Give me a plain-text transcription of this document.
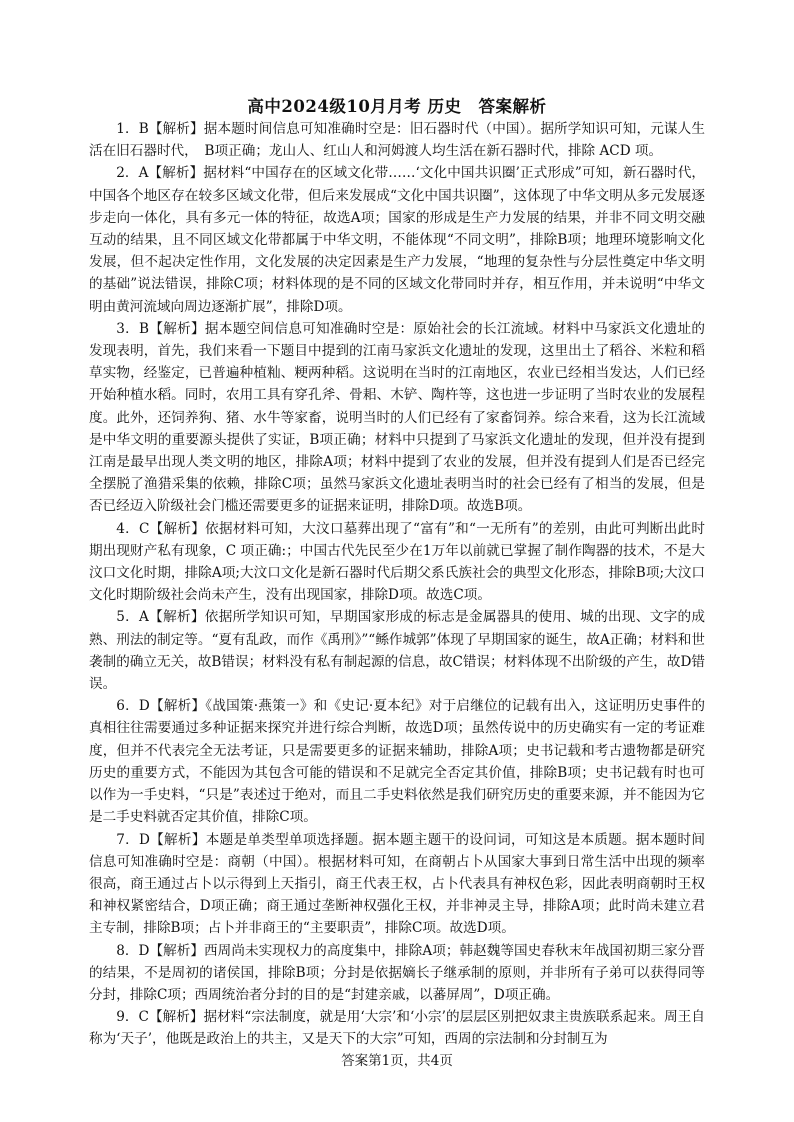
高中2024级10月月考 历史　答案解析

1．B【解析】据本题时间信息可知准确时空是：旧石器时代（中国）。据所学知识可知，元谋人生活在旧石器时代，　B项正确；龙山人、红山人和河姆渡人均生活在新石器时代，排除 ACD 项。

2．A【解析】据材料“中国存在的区域文化带……‘文化中国共识圈’正式形成”可知，新石器时代，中国各个地区存在较多区域文化带，但后来发展成“文化中国共识圈”，这体现了中华文明从多元发展逐步走向一体化，具有多元一体的特征，故选A项；国家的形成是生产力发展的结果，并非不同文明交融互动的结果，且不同区域文化带都属于中华文明，不能体现“不同文明”，排除B项；地理环境影响文化发展，但不起决定性作用，文化发展的决定因素是生产力发展，“地理的复杂性与分层性奠定中华文明的基础”说法错误，排除C项；材料体现的是不同的区域文化带同时并存，相互作用，并未说明“中华文明由黄河流域向周边逐渐扩展”，排除D项。

3．B【解析】据本题空间信息可知准确时空是：原始社会的长江流域。材料中马家浜文化遗址的发现表明，首先，我们来看一下题目中提到的江南马家浜文化遗址的发现，这里出土了稻谷、米粒和稻草实物，经鉴定，已普遍种植籼、粳两种稻。这说明在当时的江南地区，农业已经相当发达，人们已经开始种植水稻。同时，农用工具有穿孔斧、骨耜、木铲、陶杵等，这也进一步证明了当时农业的发展程度。此外，还饲养狗、猪、水牛等家畜，说明当时的人们已经有了家畜饲养。综合来看，这为长江流域是中华文明的重要源头提供了实证，B项正确；材料中只提到了马家浜文化遗址的发现，但并没有提到江南是最早出现人类文明的地区，排除A项；材料中提到了农业的发展，但并没有提到人们是否已经完全摆脱了渔猎采集的依赖，排除C项；虽然马家浜文化遗址表明当时的社会已经有了相当的发展，但是否已经迈入阶级社会门槛还需要更多的证据来证明，排除D项。故选B项。

4．C【解析】依据材料可知，大汶口墓葬出现了“富有”和“一无所有”的差别，由此可判断出此时期出现财产私有现象，C 项正确:；中国古代先民至少在1万年以前就已掌握了制作陶器的技术，不是大汶口文化时期，排除A项;大汶口文化是新石器时代后期父系氏族社会的典型文化形态，排除B项;大汶口文化时期阶级社会尚未产生，没有出现国家，排除D项。故选C项。

5．A【解析】依据所学知识可知，早期国家形成的标志是金属器具的使用、城的出现、文字的成熟、刑法的制定等。“夏有乱政，而作《禹刑》”“鲧作城郭”体现了早期国家的诞生，故A正确；材料和世袭制的确立无关，故B错误；材料没有私有制起源的信息，故C错误；材料体现不出阶级的产生，故D错误。

6．D【解析】《战国策·燕策一》和《史记·夏本纪》对于启继位的记载有出入，这证明历史事件的真相往往需要通过多种证据来探究并进行综合判断，故选D项；虽然传说中的历史确实有一定的考证难度，但并不代表完全无法考证，只是需要更多的证据来辅助，排除A项；史书记载和考古遗物都是研究历史的重要方式，不能因为其包含可能的错误和不足就完全否定其价值，排除B项；史书记载有时也可以作为一手史料，“只是”表述过于绝对，而且二手史料依然是我们研究历史的重要来源，并不能因为它是二手史料就否定其价值，排除C项。

7．D【解析】本题是单类型单项选择题。据本题主题干的设问词，可知这是本质题。据本题时间信息可知准确时空是：商朝（中国）。根据材料可知，在商朝占卜从国家大事到日常生活中出现的频率很高，商王通过占卜以示得到上天指引，商王代表王权，占卜代表具有神权色彩，因此表明商朝时王权和神权紧密结合，D项正确；商王通过垄断神权强化王权，并非神灵主导，排除A项；此时尚未建立君主专制，排除B项；占卜并非商王的“主要职责”，排除C项。故选D项。

8．D【解析】西周尚未实现权力的高度集中，排除A项；韩赵魏等国史春秋末年战国初期三家分晋的结果，不是周初的诸侯国，排除B项；分封是依据嫡长子继承制的原则，并非所有子弟可以获得同等分封，排除C项；西周统治者分封的目的是“封建亲戚，以蕃屏周”，D项正确。

9．C【解析】据材料“宗法制度，就是用‘大宗’和‘小宗’的层层区别把奴隶主贵族联系起来。周王自称为‘天子’，他既是政治上的共主，又是天下的大宗”可知，西周的宗法制和分封制互为

答案第1页，共4页
